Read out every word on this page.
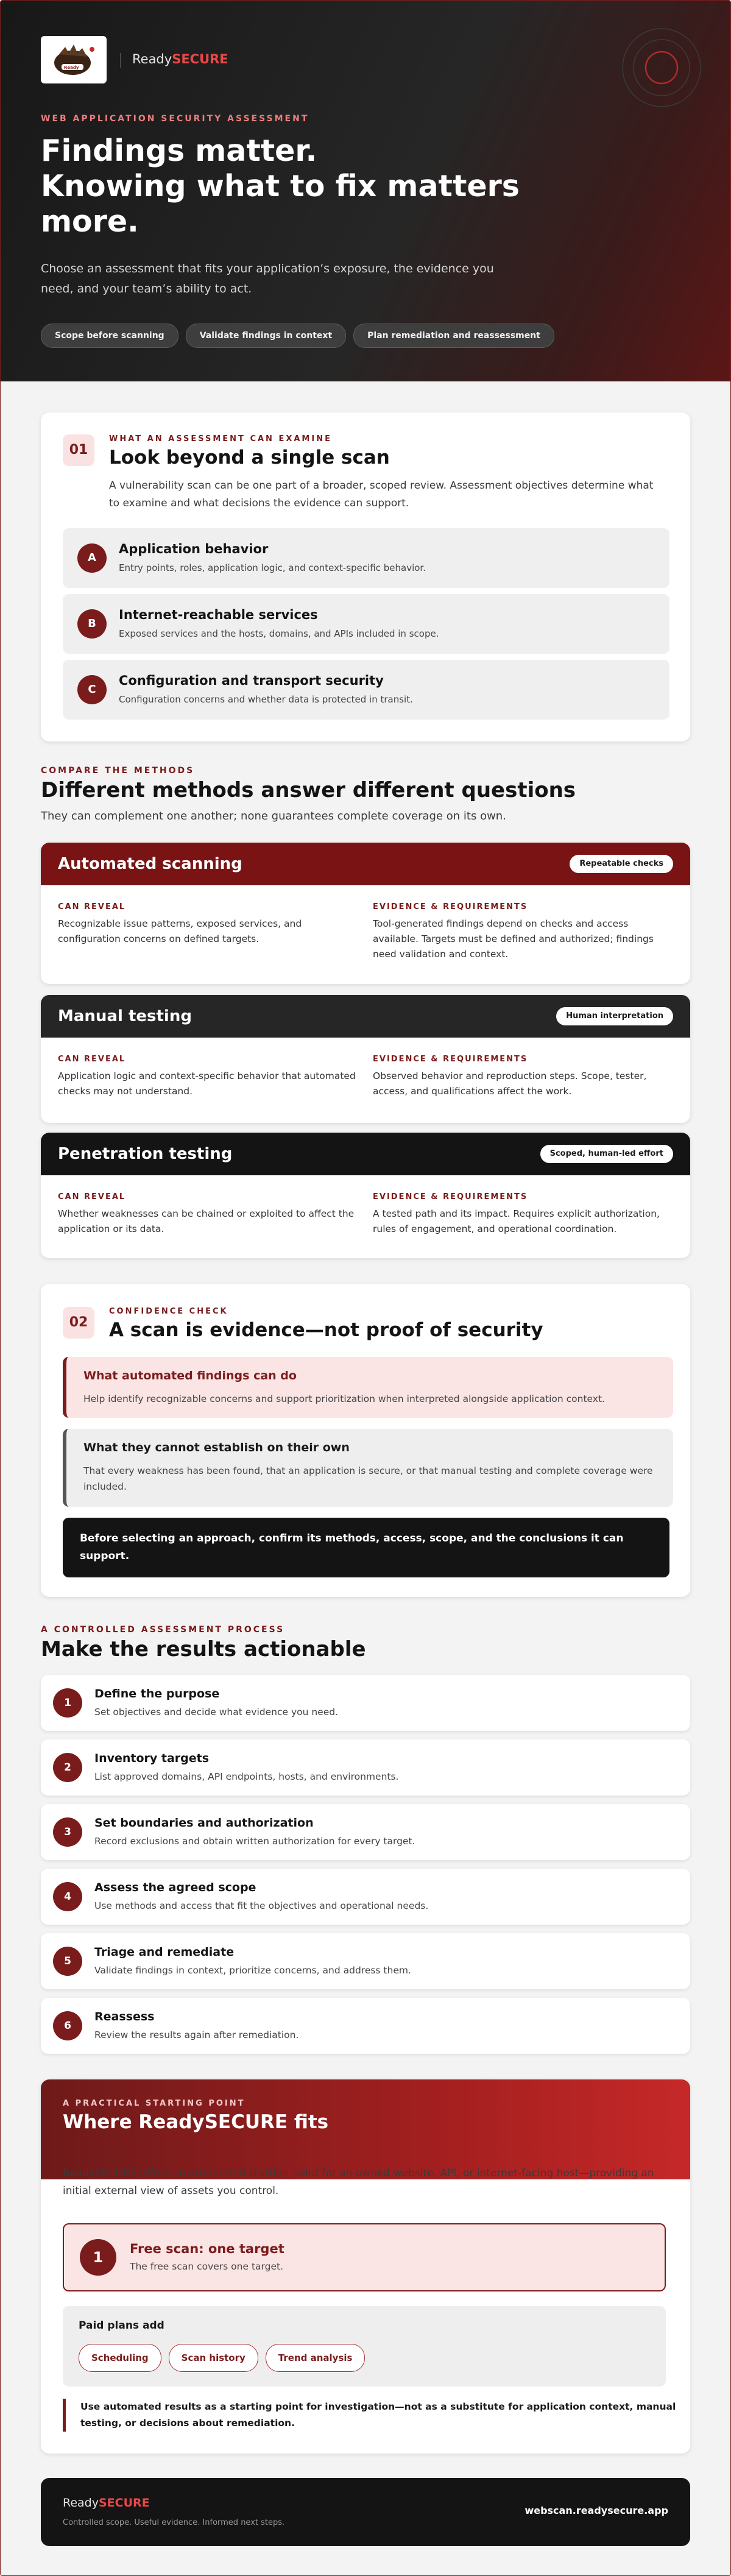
Ready
ReadySECURE
WEB APPLICATION SECURITY ASSESSMENT
Findings matter.
Knowing what to fix matters more.

Choose an assessment that fits your application’s exposure, the evidence you need, and your team’s ability to act.

Scope before scanning	Validate findings in context	Plan remediation and reassessment
01
WHAT AN ASSESSMENT CAN EXAMINE
Look beyond a single scan
A vulnerability scan can be one part of a broader, scoped review. Assessment objectives determine what to examine and what decisions the evidence can support.
A
Application behavior
Entry points, roles, application logic, and context-specific behavior.
B
Internet-reachable services
Exposed services and the hosts, domains, and APIs included in scope.
C
Configuration and transport security
Configuration concerns and whether data is protected in transit.
COMPARE THE METHODS
Different methods answer different questions

They can complement one another; none guarantees complete coverage on its own.

Automated scanning	Repeatable checks
CAN REVEAL
Recognizable issue patterns, exposed services, and configuration concerns on defined targets.
EVIDENCE & REQUIREMENTS
Tool-generated findings depend on checks and access available. Targets must be defined and authorized; findings need validation and context.
Manual testing	Human interpretation
CAN REVEAL
Application logic and context-specific behavior that automated checks may not understand.
EVIDENCE & REQUIREMENTS
Observed behavior and reproduction steps. Scope, tester, access, and qualifications affect the work.
Penetration testing	Scoped, human-led effort
CAN REVEAL
Whether weaknesses can be chained or exploited to affect the application or its data.
EVIDENCE & REQUIREMENTS
A tested path and its impact. Requires explicit authorization, rules of engagement, and operational coordination.
02
CONFIDENCE CHECK
A scan is evidence—not proof of security
What automated findings can do
Help identify recognizable concerns and support prioritization when interpreted alongside application context.
What they cannot establish on their own
That every weakness has been found, that an application is secure, or that manual testing and complete coverage were included.
Before selecting an approach, confirm its methods, access, scope, and the conclusions it can support.
A CONTROLLED ASSESSMENT PROCESS
Make the results actionable
1
Define the purpose
Set objectives and decide what evidence you need.
2
Inventory targets
List approved domains, API endpoints, hosts, and environments.
3
Set boundaries and authorization
Record exclusions and obtain written authorization for every target.
4
Assess the agreed scope
Use methods and access that fit the objectives and operational needs.
5
Triage and remediate
Validate findings in context, prioritize concerns, and address them.
6
Reassess
Review the results again after remediation.
A PRACTICAL STARTING POINT
Where ReadySECURE fits
ReadySECURE offers an automated starting point for an owned website, API, or internet-facing host—providing an initial external view of assets you control.
1	Free scan: one target
The free scan covers one target.
Paid plans add
Scheduling	Scan history	Trend analysis
Use automated results as a starting point for investigation—not as a substitute for application context, manual testing, or decisions about remediation.
ReadySECURE
Controlled scope. Useful evidence. Informed next steps.
webscan.readysecure.app
